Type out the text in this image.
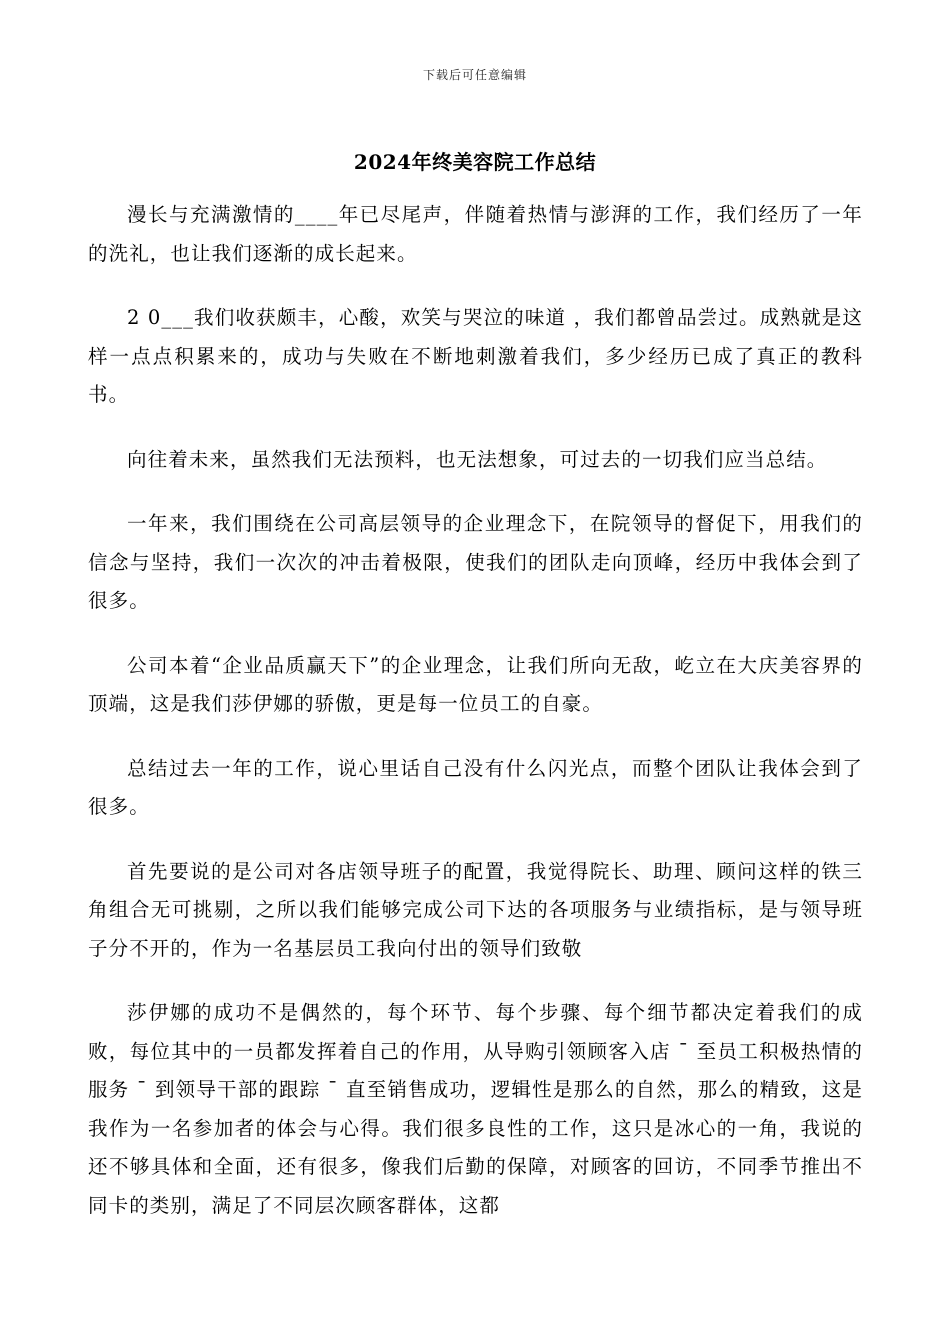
下载后可任意编辑
2024年终美容院工作总结

漫长与充满激情的____年已尽尾声，伴随着热情与澎湃的工作，我们经历了一年的洗礼，也让我们逐渐的成长起来。

2 0___我们收获颇丰，心酸，欢笑与哭泣的味道 ，我们都曾品尝过。成熟就是这样一点点积累来的，成功与失败在不断地刺激着我们，多少经历已成了真正的教科书。

向往着未来，虽然我们无法预料，也无法想象，可过去的一切我们应当总结。

一年来，我们围绕在公司高层领导的企业理念下，在院领导的督促下，用我们的信念与坚持，我们一次次的冲击着极限，使我们的团队走向顶峰，经历中我体会到了很多。

公司本着“企业品质赢天下”的企业理念，让我们所向无敌，屹立在大庆美容界的顶端，这是我们莎伊娜的骄傲，更是每一位员工的自豪。

总结过去一年的工作，说心里话自己没有什么闪光点，而整个团队让我体会到了很多。

首先要说的是公司对各店领导班子的配置，我觉得院长、助理、顾问这样的铁三角组合无可挑剔，之所以我们能够完成公司下达的各项服务与业绩指标，是与领导班子分不开的，作为一名基层员工我向付出的领导们致敬

莎伊娜的成功不是偶然的，每个环节、每个步骤、每个细节都决定着我们的成败，每位其中的一员都发挥着自己的作用，从导购引领顾客入店 ¯ 至员工积极热情的服务 ¯ 到领导干部的跟踪 ¯ 直至销售成功，逻辑性是那么的自然，那么的精致，这是我作为一名参加者的体会与心得。我们很多良性的工作，这只是冰心的一角，我说的还不够具体和全面，还有很多，像我们后勤的保障，对顾客的回访，不同季节推出不同卡的类别，满足了不同层次顾客群体，这都
